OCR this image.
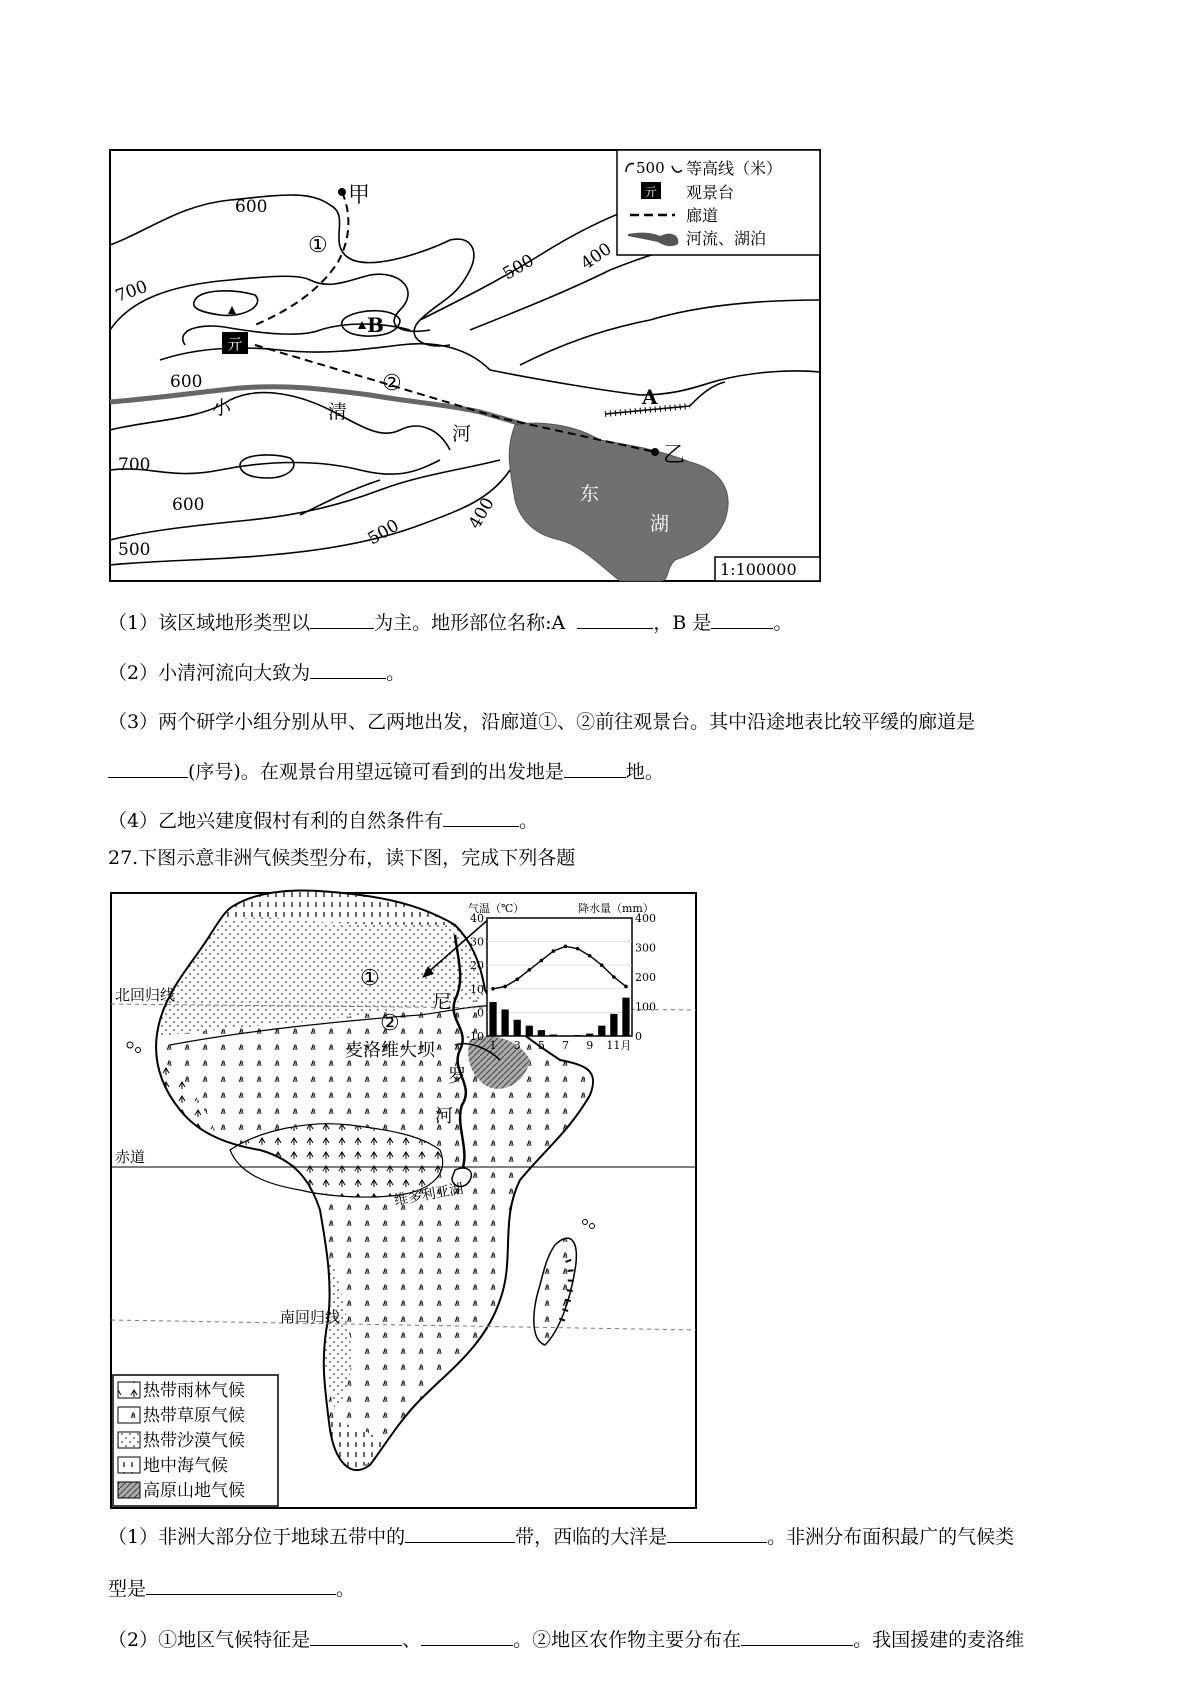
亓
甲
乙
A
B
①
②
小	清
河
东
湖
600
700
600
500 400
700
600
500
500
400
500 等高线（米）
亓 观景台
廊道
河流、湖泊
1:100000
（1）该区域地形类型以	为主。地形部位名称:A	，B 是	。
（2）小清河流向大致为	。
（3）两个研学小组分别从甲、乙两地出发，沿廊道①、②前往观景台。其中沿途地表比较平缓的廊道是
(序号)。在观景台用望远镜可看到的出发地是	地。
（4）乙地兴建度假村有利的自然条件有	。
27.下图示意非洲气候类型分布，读下图，完成下列各题
北回归线
赤道
南回归线
①
②
麦洛维大坝
尼
罗
河
维多利亚湖
热带雨林气候
热带草原气候
热带沙漠气候
地中海气候
高原山地气候
气温（℃）	降水量（mm）
40
30
20
10
0
-10
400
300
200
100
0
1 3 5 7 9 11月
（1）非洲大部分位于地球五带中的	带，西临的大洋是	。非洲分布面积最广的气候类
型是	。
（2）①地区气候特征是	、	。②地区农作物主要分布在	。我国援建的麦洛维
